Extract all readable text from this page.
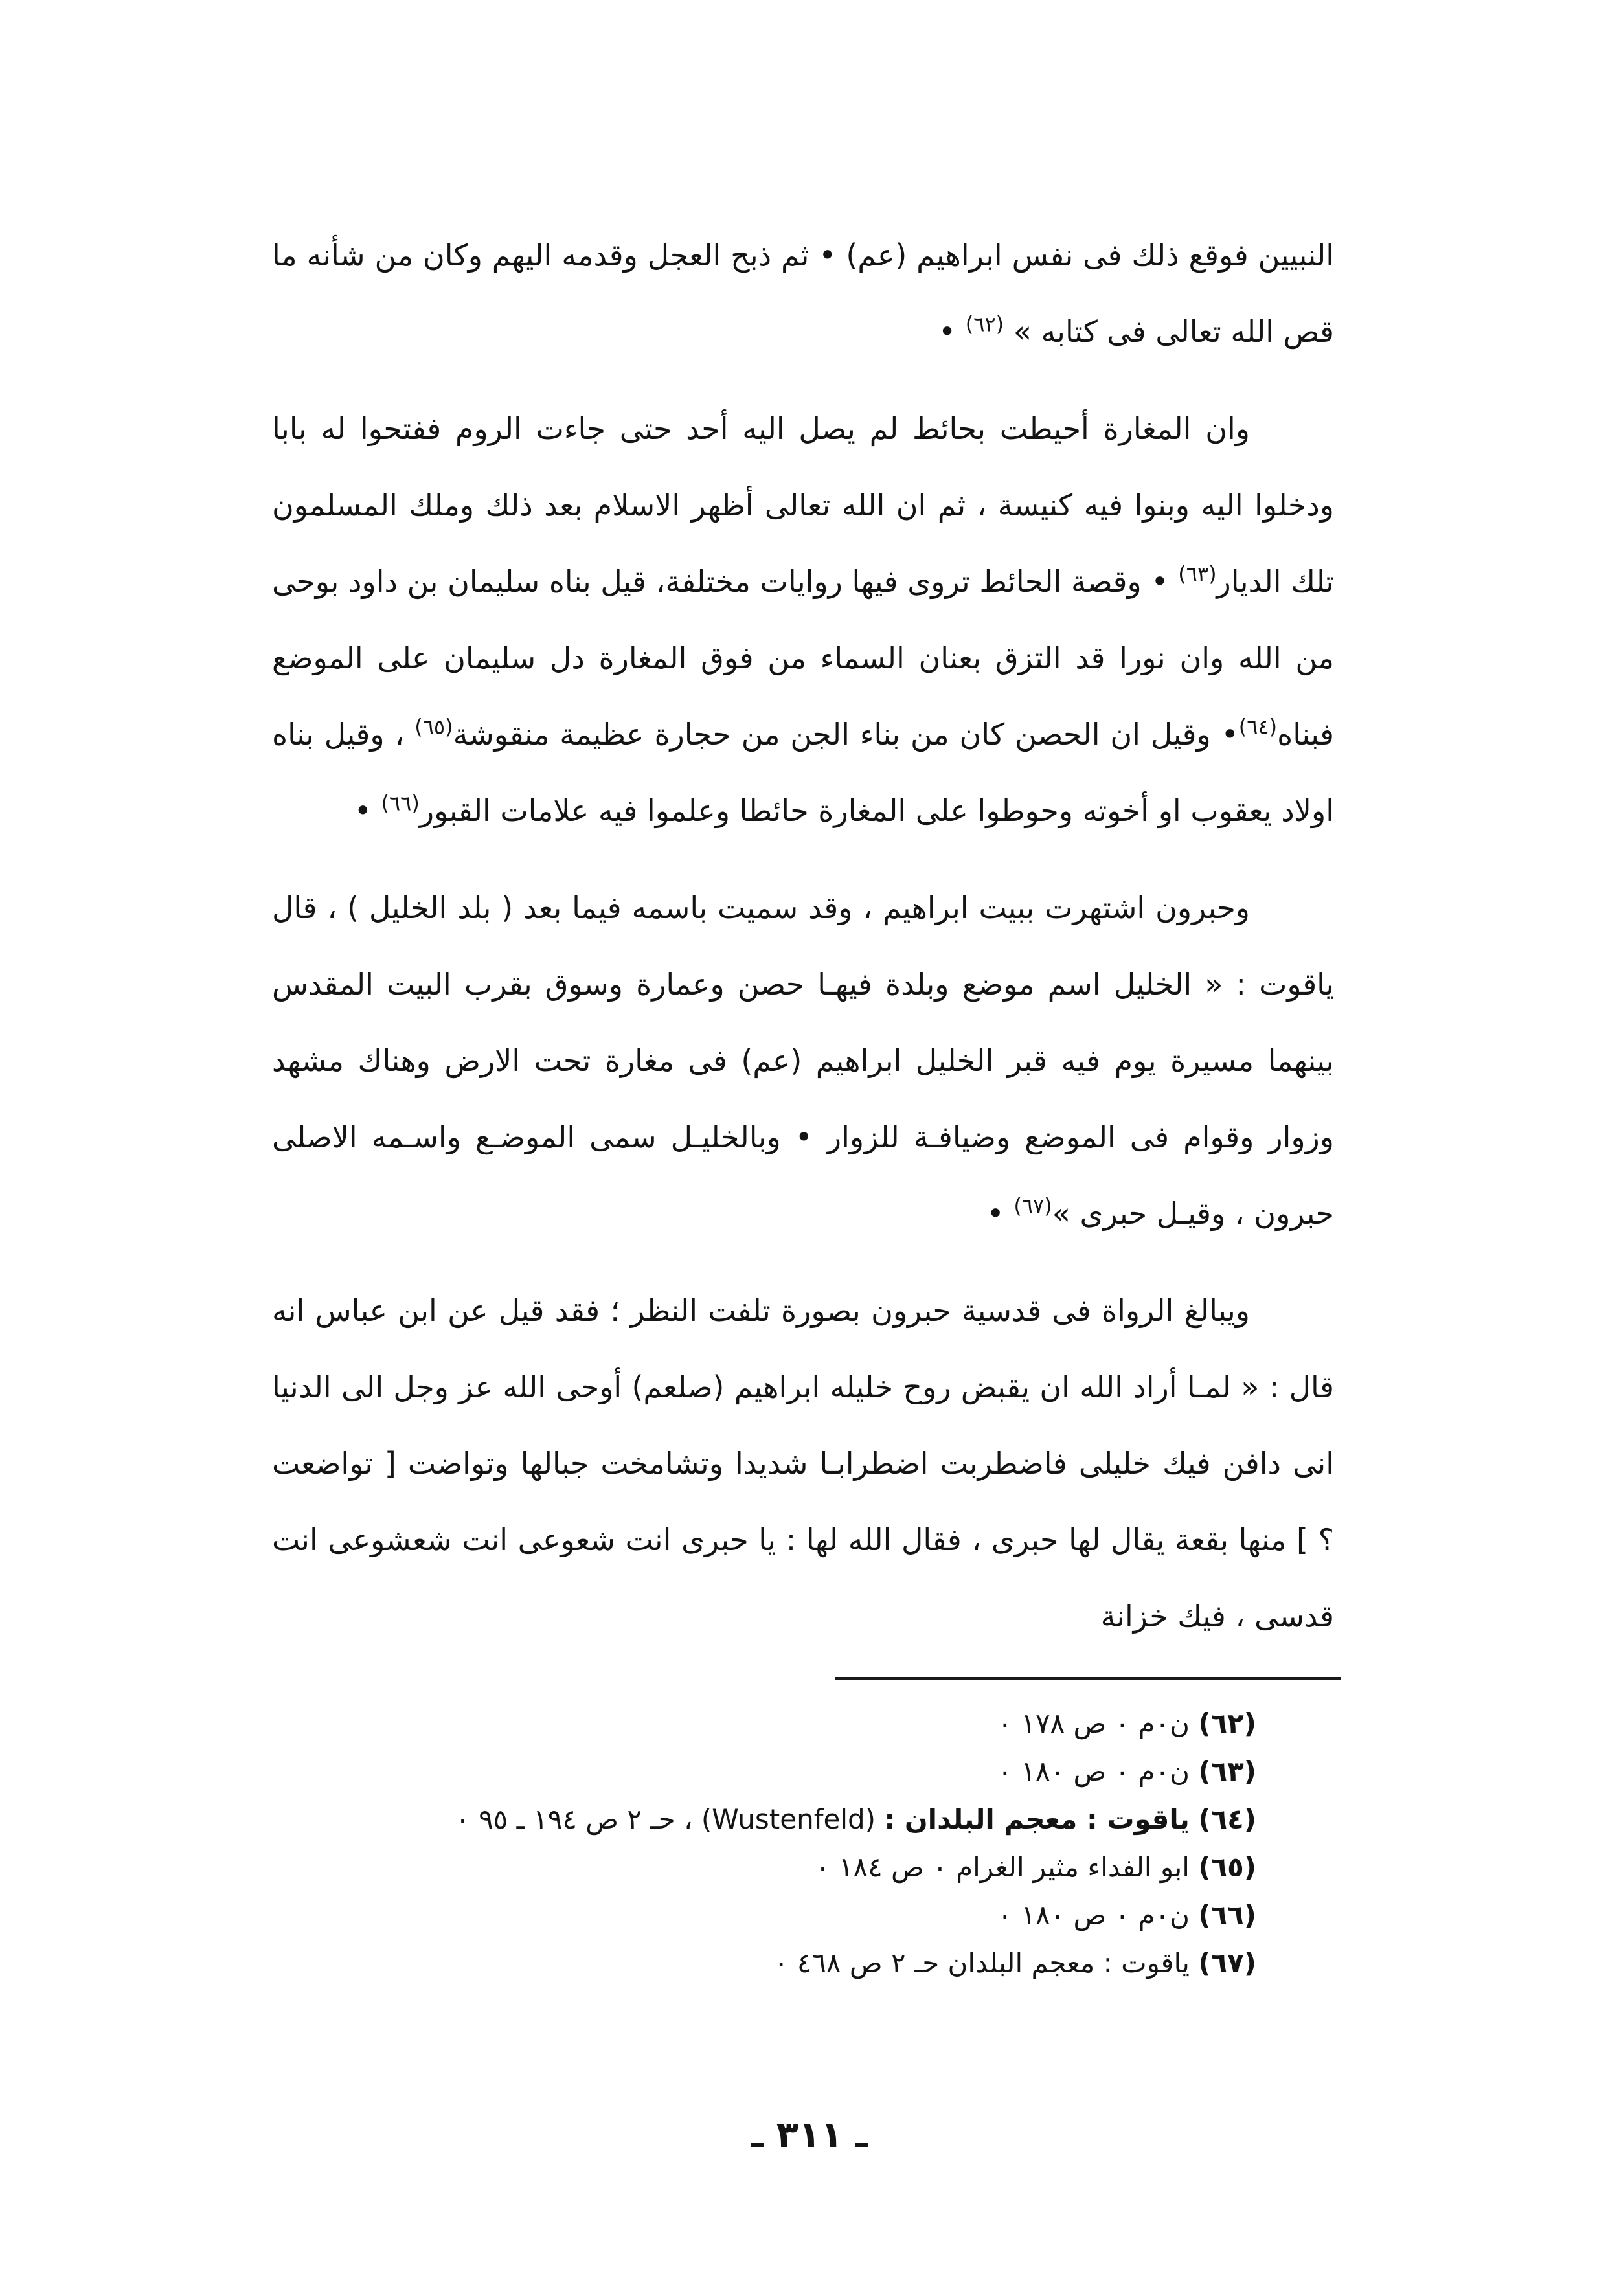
النبيين فوقع ذلك فى نفس ابراهيم (عم) • ثم ذبح العجل وقدمه اليهم وكان من شأنه ما قص الله تعالى فى كتابه » $^{(٦٢)}$ •

وان المغارة أحيطت بحائط لم يصل اليه أحد حتى جاءت الروم ففتحوا له بابا ودخلوا اليه وبنوا فيه كنيسة ، ثم ان الله تعالى أظهر الاسلام بعد ذلك وملك المسلمون تلك الديار$^{(٦٣)}$ • وقصة الحائط تروى فيها روايات مختلفة، قيل بناه سليمان بن داود بوحى من الله وان نورا قد التزق بعنان السماء من فوق المغارة دل سليمان على الموضع فبناه$^{(٦٤)}$• وقيل ان الحصن كان من بناء الجن من حجارة عظيمة منقوشة$^{(٦٥)}$ ، وقيل بناه اولاد يعقوب او أخوته وحوطوا على المغارة حائطا وعلموا فيه علامات القبور$^{(٦٦)}$ •

وحبرون اشتهرت ببيت ابراهيم ، وقد سميت باسمه فيما بعد ( بلد الخليل ) ، قال ياقوت : « الخليل اسم موضع وبلدة فيهـا حصن وعمارة وسوق بقرب البيت المقدس بينهما مسيرة يوم فيه قبر الخليل ابراهيم (عم) فى مغارة تحت الارض وهناك مشهد وزوار وقوام فى الموضع وضيافـة للزوار • وبالخليـل سمى الموضـع واسـمه الاصلى حبرون ، وقيـل حبرى »$^{(٦٧)}$ •

ويبالغ الرواة فى قدسية حبرون بصورة تلفت النظر ؛ فقد قيل عن ابن عباس انه قال : « لمـا أراد الله ان يقبض روح خليله ابراهيم (صلعم) أوحى الله عز وجل الى الدنيا انى دافن فيك خليلى فاضطربت اضطرابـا شديدا وتشامخت جبالها وتواضت [ تواضعت ؟ ] منها بقعة يقال لها حبرى ، فقال الله لها : يا حبرى انت شعوعى انت شعشوعى انت قدسى ، فيك خزانة

(٦٢) ن٠م ٠ ص ١٧٨ ٠

(٦٣) ن٠م ٠ ص ١٨٠ ٠

(٦٤) ياقوت : معجم البلدان : (Wustenfeld) ، حـ ٢ ص ١٩٤ ـ ٩٥ ٠

(٦٥) ابو الفداء مثير الغرام ٠ ص ١٨٤ ٠

(٦٦) ن٠م ٠ ص ١٨٠ ٠

(٦٧) ياقوت : معجم البلدان حـ ٢ ص ٤٦٨ ٠

ـ ٣١١ ـ
